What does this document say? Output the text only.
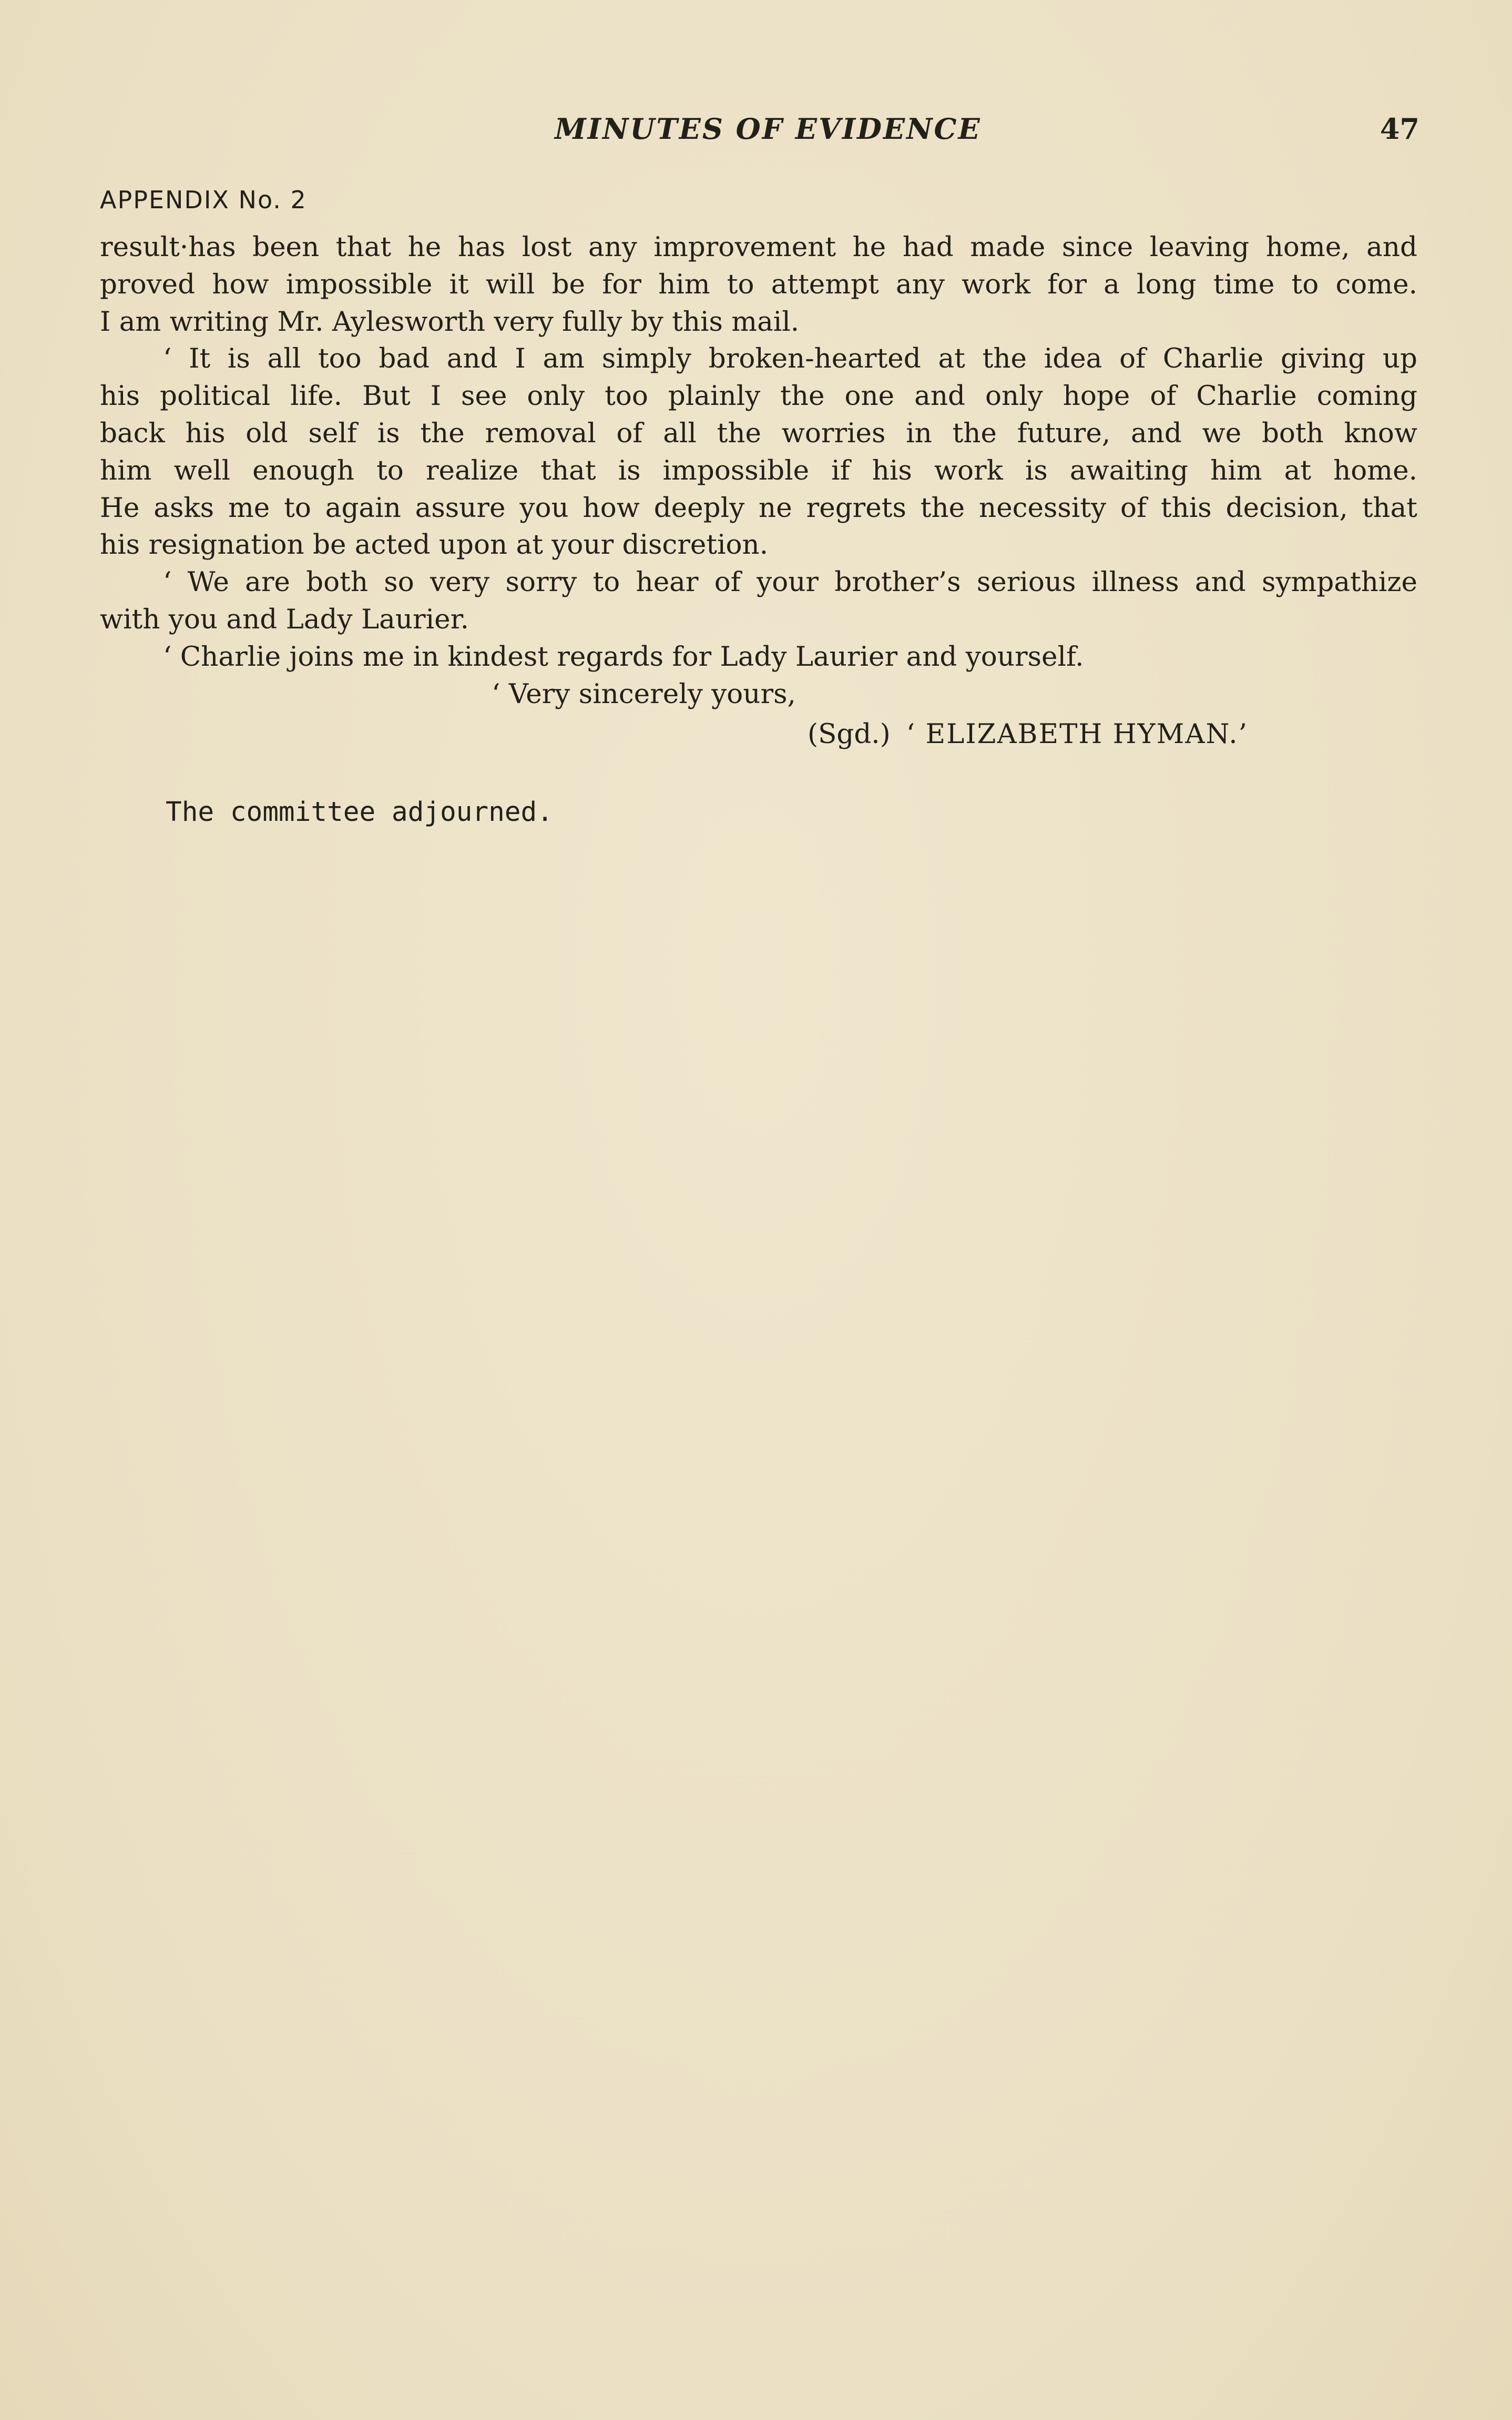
MINUTES OF EVIDENCE	47
APPENDIX No. 2
result·has been that he has lost any improvement he had made since leaving home, and
proved how impossible it will be for him to attempt any work for a long time to come.
I am writing Mr. Aylesworth very fully by this mail.
‘ It is all too bad and I am simply broken-hearted at the idea of Charlie giving up
his political life. But I see only too plainly the one and only hope of Charlie coming
back his old self is the removal of all the worries in the future, and we both know
him well enough to realize that is impossible if his work is awaiting him at home.
He asks me to again assure you how deeply ne regrets the necessity of this decision, that
his resignation be acted upon at your discretion.
‘ We are both so very sorry to hear of your brother’s serious illness and sympathize
with you and Lady Laurier.
‘ Charlie joins me in kindest regards for Lady Laurier and yourself.
‘ Very sincerely yours,
(Sgd.) ‘ ELIZABETH HYMAN.’
The committee adjourned.
